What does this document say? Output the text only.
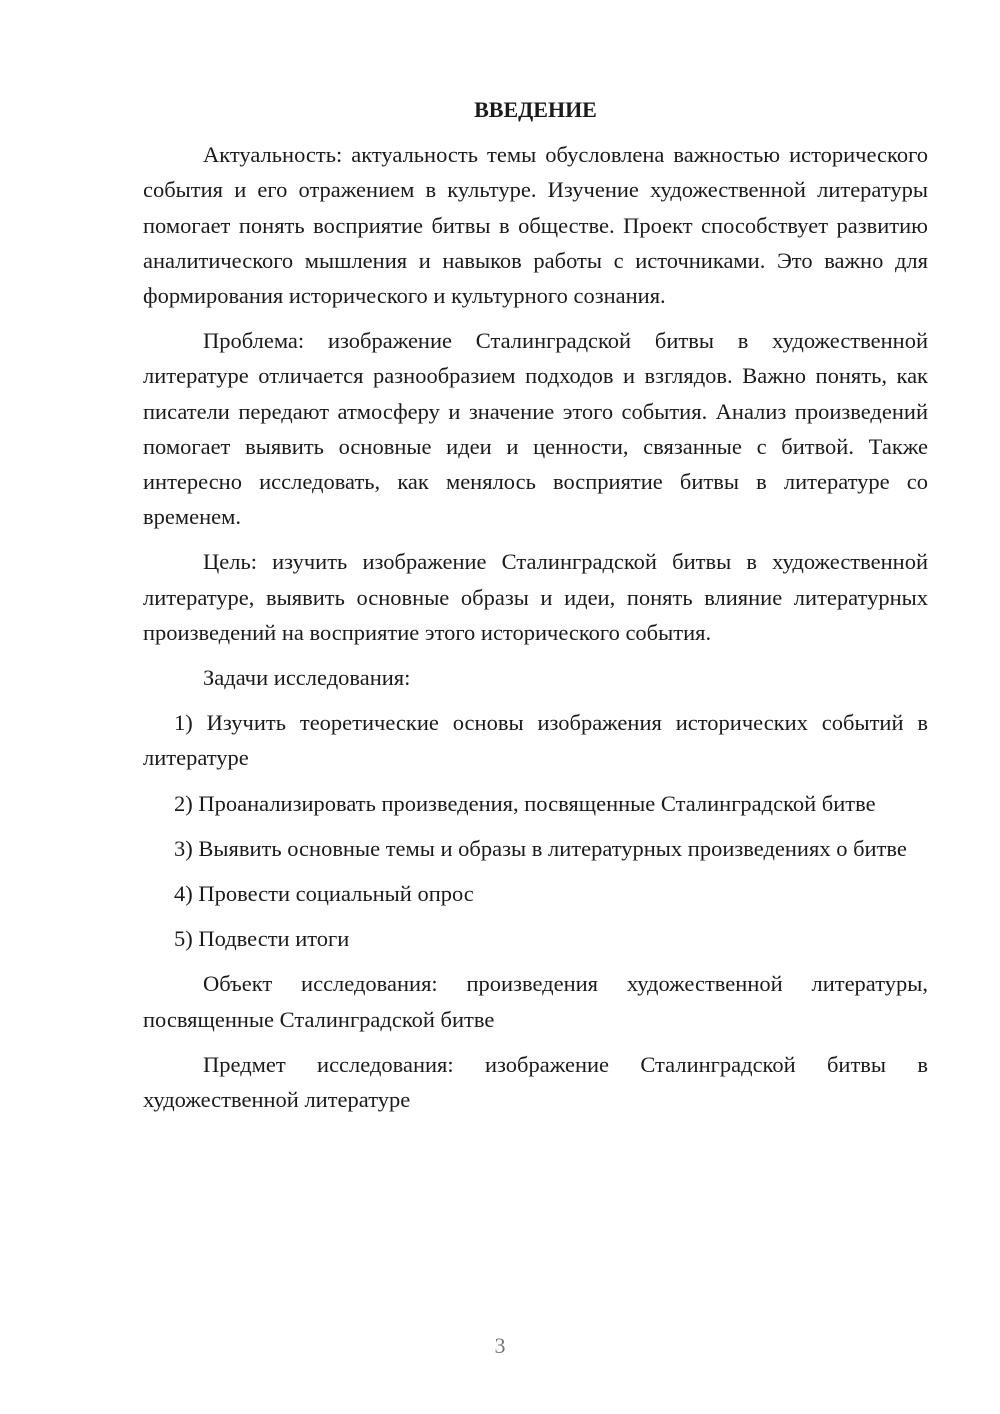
ВВЕДЕНИЕ

Актуальность: актуальность темы обусловлена важностью исторического события и его отражением в культуре. Изучение художественной литературы помогает понять восприятие битвы в обществе. Проект способствует развитию аналитического мышления и навыков работы с источниками. Это важно для формирования исторического и культурного сознания.

Проблема: изображение Сталинградской битвы в художественной литературе отличается разнообразием подходов и взглядов. Важно понять, как писатели передают атмосферу и значение этого события. Анализ произведений помогает выявить основные идеи и ценности, связанные с битвой. Также интересно исследовать, как менялось восприятие битвы в литературе со временем.

Цель: изучить изображение Сталинградской битвы в художественной литературе, выявить основные образы и идеи, понять влияние литературных произведений на восприятие этого исторического события.

Задачи исследования:

1) Изучить теоретические основы изображения исторических событий в литературе

2) Проанализировать произведения, посвященные Сталинградской битве

3) Выявить основные темы и образы в литературных произведениях о битве

4) Провести социальный опрос

5) Подвести итоги

Объект исследования: произведения художественной литературы, посвященные Сталинградской битве

Предмет исследования: изображение Сталинградской битвы в художественной литературе

3
